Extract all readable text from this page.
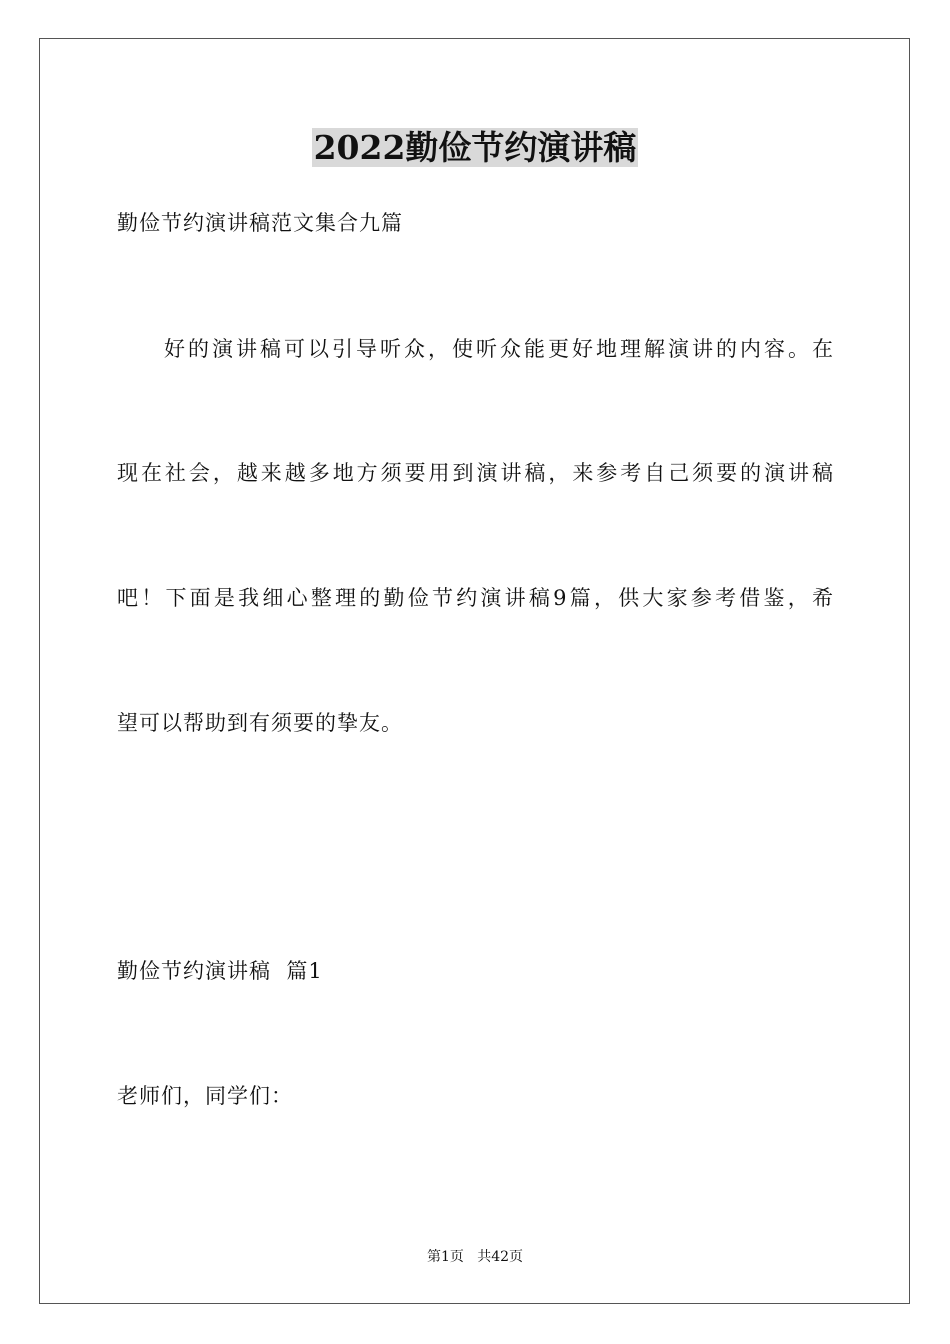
2022勤俭节约演讲稿
勤俭节约演讲稿范文集合九篇
好的演讲稿可以引导听众，使听众能更好地理解演讲的内容。在
现在社会，越来越多地方须要用到演讲稿，来参考自己须要的演讲稿
吧！下面是我细心整理的勤俭节约演讲稿9篇，供大家参考借鉴，希
望可以帮助到有须要的挚友。
勤俭节约演讲稿  篇1
老师们，同学们：
第1页   共42页
